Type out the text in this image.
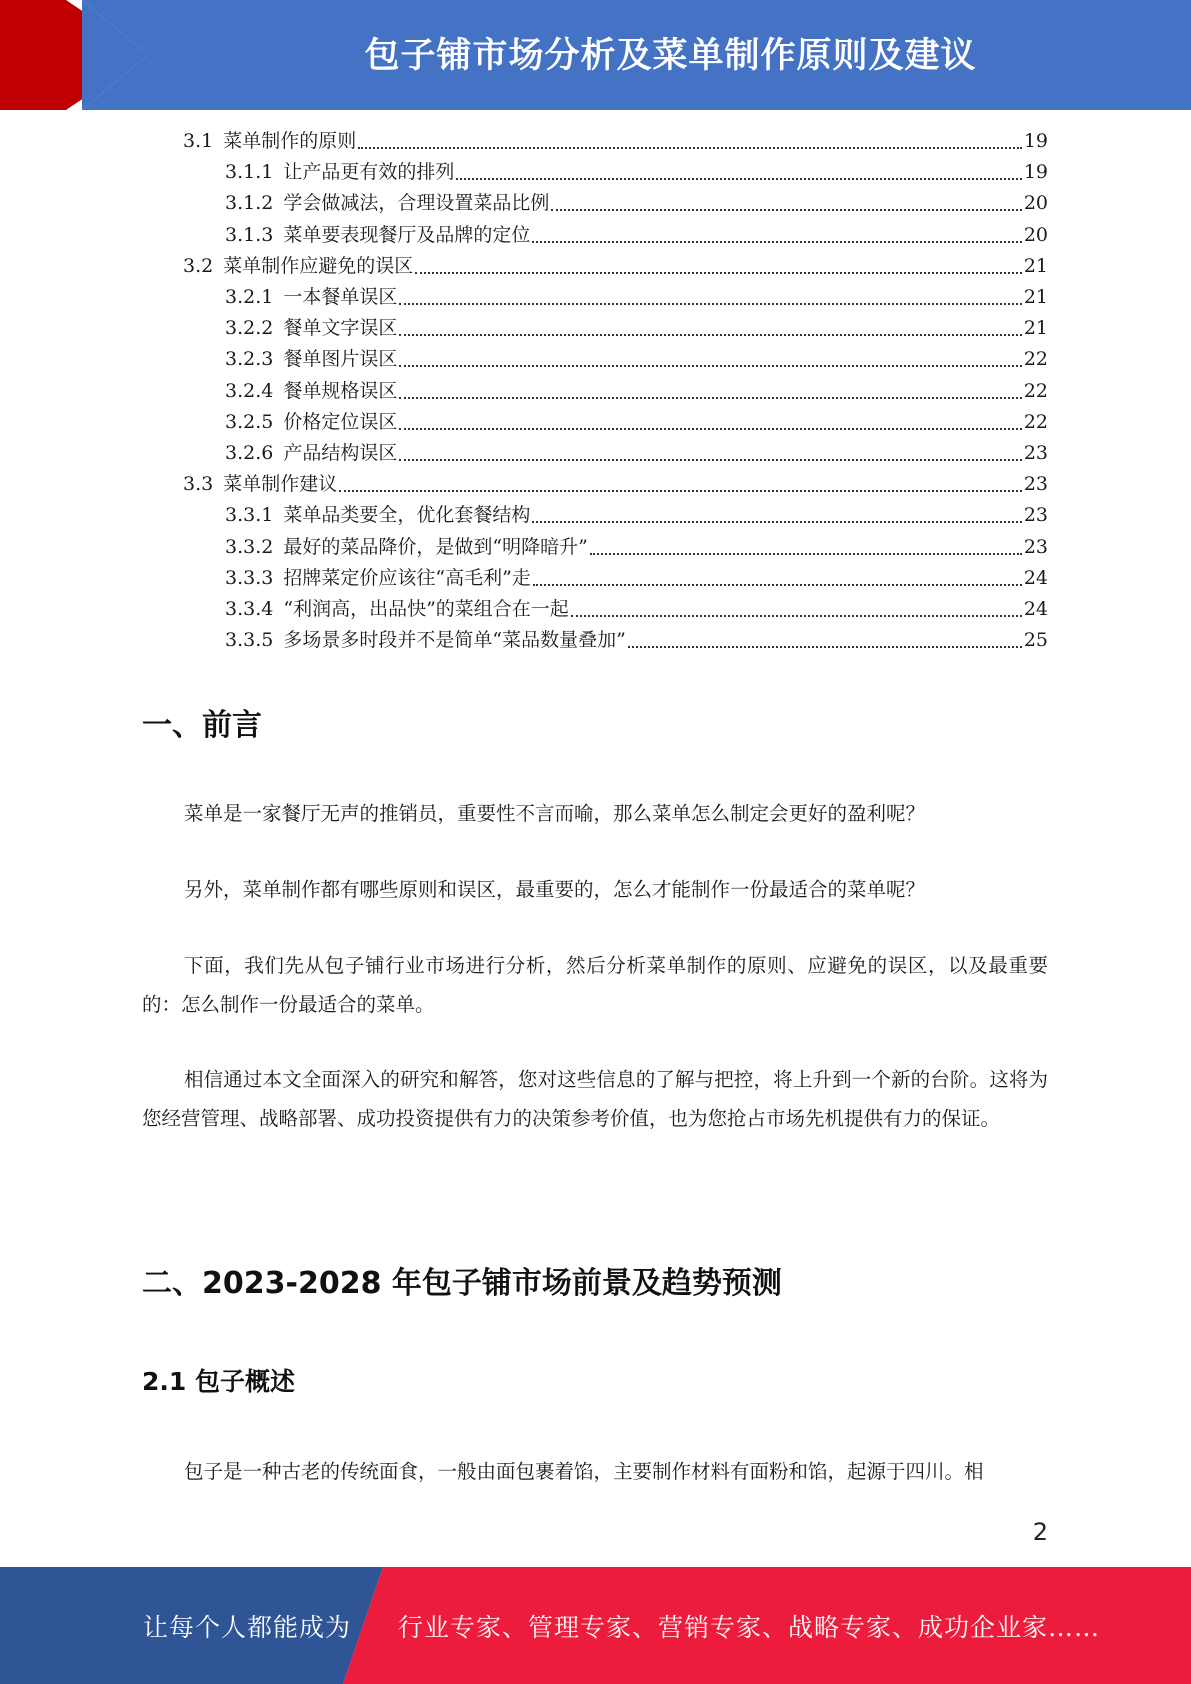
包子铺市场分析及菜单制作原则及建议
3.1 菜单制作的原则	19
3.1.1 让产品更有效的排列	19
3.1.2 学会做减法，合理设置菜品比例	20
3.1.3 菜单要表现餐厅及品牌的定位	20
3.2 菜单制作应避免的误区	21
3.2.1 一本餐单误区	21
3.2.2 餐单文字误区	21
3.2.3 餐单图片误区	22
3.2.4 餐单规格误区	22
3.2.5 价格定位误区	22
3.2.6 产品结构误区	23
3.3 菜单制作建议	23
3.3.1 菜单品类要全，优化套餐结构	23
3.3.2 最好的菜品降价，是做到“明降暗升”	23
3.3.3 招牌菜定价应该往“高毛利”走	24
3.3.4 “利润高，出品快”的菜组合在一起	24
3.3.5 多场景多时段并不是简单“菜品数量叠加”	25
一、前言
菜单是一家餐厅无声的推销员，重要性不言而喻，那么菜单怎么制定会更好的盈利呢？
另外，菜单制作都有哪些原则和误区，最重要的，怎么才能制作一份最适合的菜单呢？
下面，我们先从包子铺行业市场进行分析，然后分析菜单制作的原则、应避免的误区，以及最重要的：怎么制作一份最适合的菜单。
相信通过本文全面深入的研究和解答，您对这些信息的了解与把控，将上升到一个新的台阶。这将为您经营管理、战略部署、成功投资提供有力的决策参考价值，也为您抢占市场先机提供有力的保证。
二、2023-2028 年包子铺市场前景及趋势预测
2.1 包子概述
包子是一种古老的传统面食，一般由面包裹着馅，主要制作材料有面粉和馅，起源于四川。相
2
让每个人都能成为 行业专家、管理专家、营销专家、战略专家、成功企业家……
